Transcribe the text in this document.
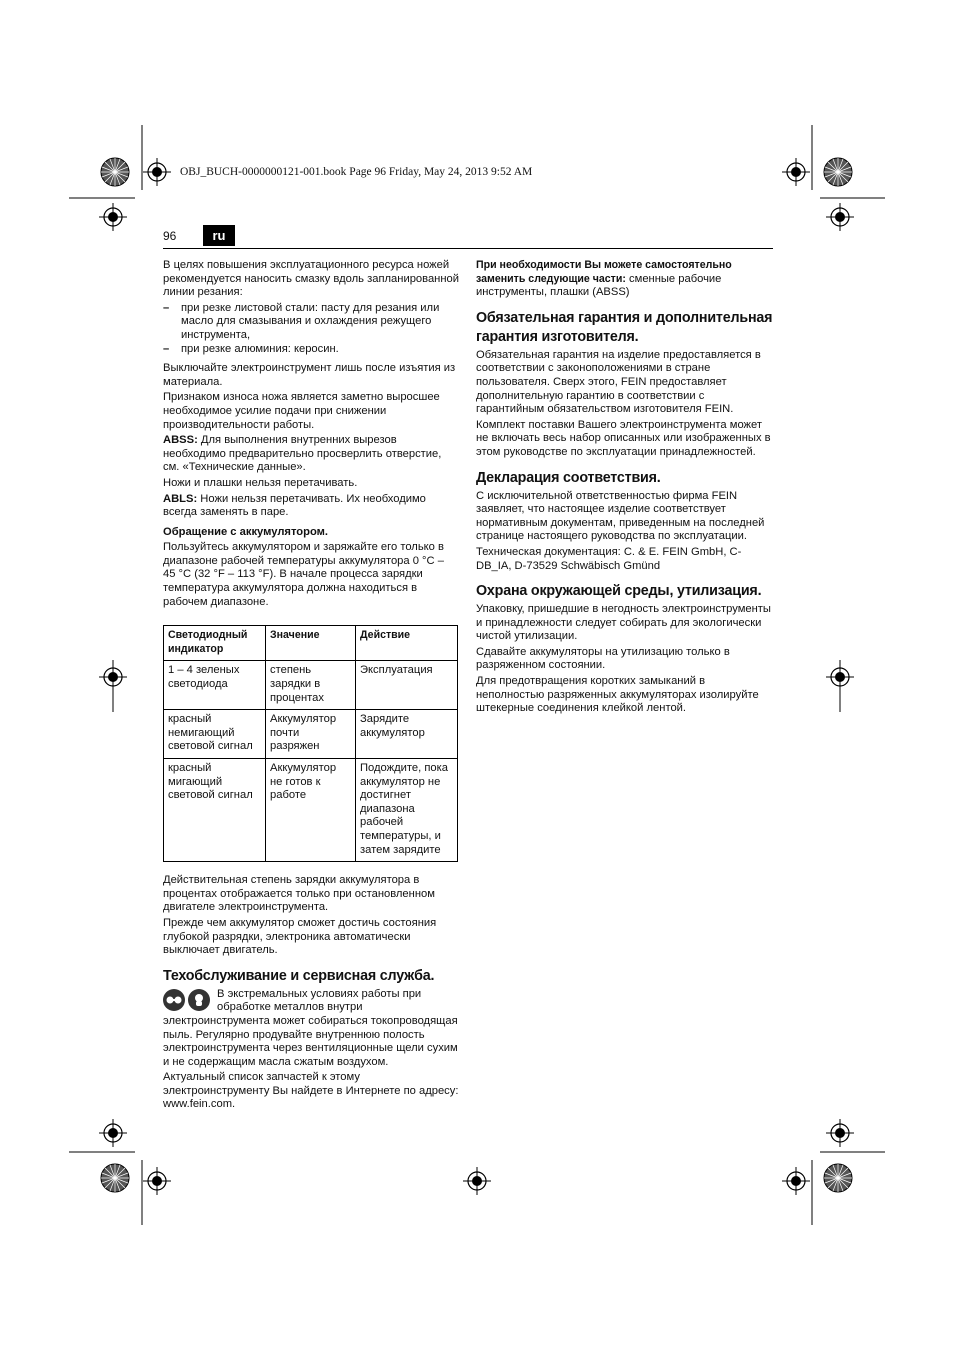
OBJ_BUCH-0000000121-001.book Page 96 Friday, May 24, 2013 9:52 AM
96	ru

В целях повышения эксплуатационного ресурса ножей рекомендуется наносить смазку вдоль запланированной линии резания:

–	при резке листовой стали: пасту для резания или масло для смазывания и охлаждения режущего инструмента,
–	при резке алюминия: керосин.

Выключайте электроинструмент лишь после изъятия из материала.

Признаком износа ножа является заметно выросшее необходимое усилие подачи при снижении производительности работы.

ABSS: Для выполнения внутренних вырезов необходимо предварительно просверлить отверстие, см. «Технические данные».

Ножи и плашки нельзя перетачивать.

ABLS: Ножи нельзя перетачивать. Их необходимо всегда заменять в паре.

Обращение с аккумулятором.

Пользуйтесь аккумулятором и заряжайте его только в диапазоне рабочей температуры аккумулятора 0 °C – 45 °C (32 °F – 113 °F). В начале процесса зарядки температура аккумулятора должна находиться в рабочем диапазоне.

Светодиодный индикатор	Значение	Действие
1 – 4 зеленых светодиода	степень зарядки в процентах	Эксплуатация
красный немигающий световой сигнал	Аккумулятор почти разряжен	Зарядите аккумулятор
красный мигающий световой сигнал	Аккумулятор не готов к работе	Подождите, пока аккумулятор не достигнет диапазона рабочей температуры, и затем зарядите

Действительная степень зарядки аккумулятора в процентах отображается только при остановленном двигателе электроинструмента.

Прежде чем аккумулятор сможет достичь состояния глубокой разрядки, электроника автоматически выключает двигатель.

Техобслуживание и сервисная служба.

В экстремальных условиях работы при обработке металлов внутри электроинструмента может собираться токопроводящая пыль. Регулярно продувайте внутреннюю полость электроинструмента через вентиляционные щели сухим и не содержащим масла сжатым воздухом.

Актуальный список запчастей к этому электроинструменту Вы найдете в Интернете по адресу: www.fein.com.

При необходимости Вы можете самостоятельно заменить следующие части: сменные рабочие инструменты, плашки (ABSS)

Обязательная гарантия и дополнительная гарантия изготовителя.

Обязательная гарантия на изделие предоставляется в соответствии с законоположениями в стране пользователя. Сверх этого, FEIN предоставляет дополнительную гарантию в соответствии с гарантийным обязательством изготовителя FEIN.

Комплект поставки Вашего электроинструмента может не включать весь набор описанных или изображенных в этом руководстве по эксплуатации принадлежностей.

Декларация соответствия.

С исключительной ответственностью фирма FEIN заявляет, что настоящее изделие соответствует нормативным документам, приведенным на последней странице настоящего руководства по эксплуатации.

Техническая документация: C. & E. FEIN GmbH, C-DB_IA, D-73529 Schwäbisch Gmünd

Охрана окружающей среды, утилизация.

Упаковку, пришедшие в негодность электроинструменты и принадлежности следует собирать для экологически чистой утилизации.

Сдавайте аккумуляторы на утилизацию только в разряженном состоянии.

Для предотвращения коротких замыканий в неполностью разряженных аккумуляторах изолируйте штекерные соединения клейкой лентой.
